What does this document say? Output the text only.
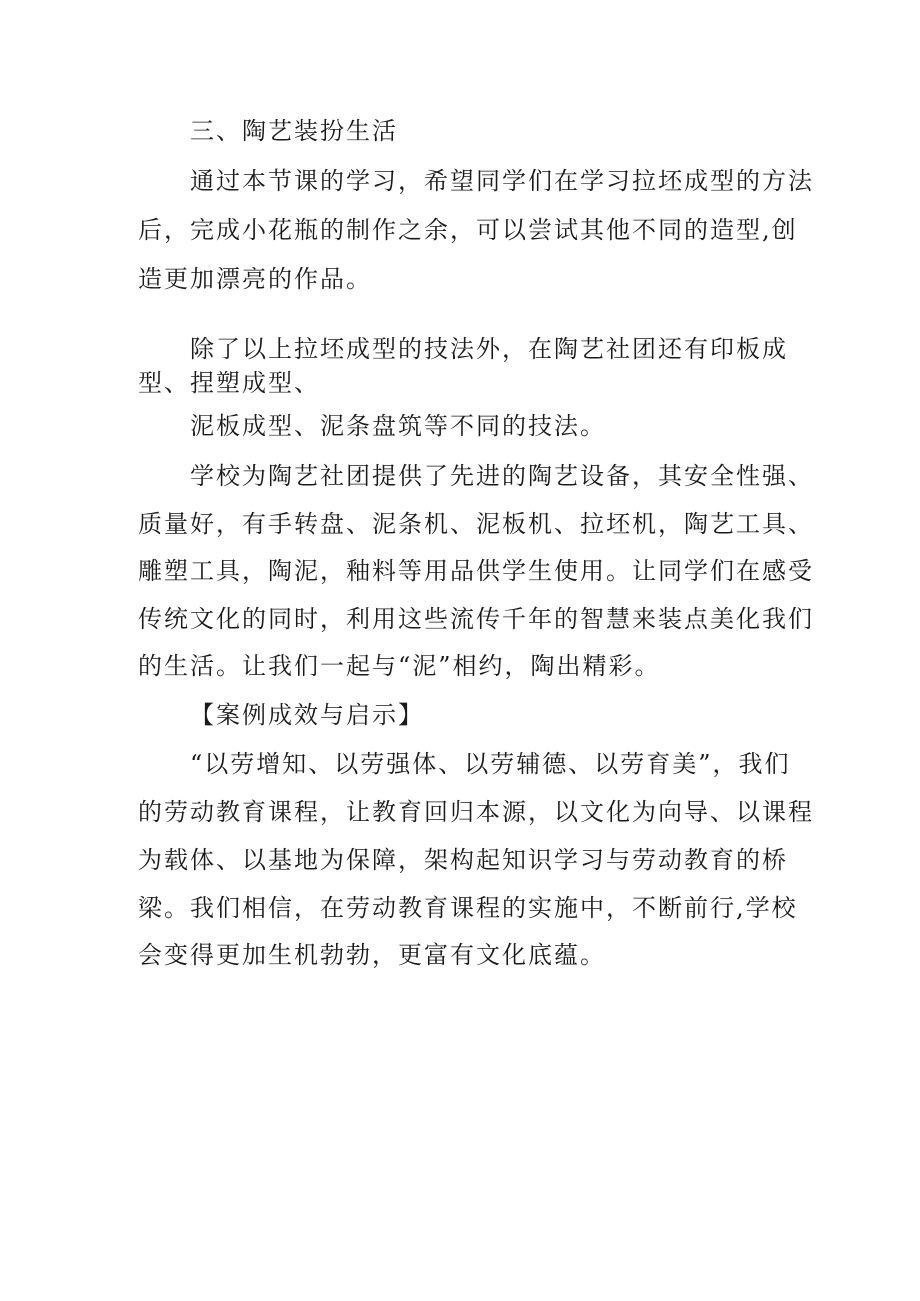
三、陶艺装扮生活
通过本节课的学习，希望同学们在学习拉坯成型的方法
后，完成小花瓶的制作之余，可以尝试其他不同的造型,创
造更加漂亮的作品。
除了以上拉坯成型的技法外，在陶艺社团还有印板成
型、捏塑成型、
泥板成型、泥条盘筑等不同的技法。
学校为陶艺社团提供了先进的陶艺设备，其安全性强、
质量好，有手转盘、泥条机、泥板机、拉坯机，陶艺工具、
雕塑工具，陶泥，釉料等用品供学生使用。让同学们在感受
传统文化的同时，利用这些流传千年的智慧来装点美化我们
的生活。让我们一起与“泥”相约，陶出精彩。
【案例成效与启示】
“以劳增知、以劳强体、以劳辅德、以劳育美”，我们
的劳动教育课程，让教育回归本源，以文化为向导、以课程
为载体、以基地为保障，架构起知识学习与劳动教育的桥
梁。我们相信，在劳动教育课程的实施中，不断前行,学校
会变得更加生机勃勃，更富有文化底蕴。
